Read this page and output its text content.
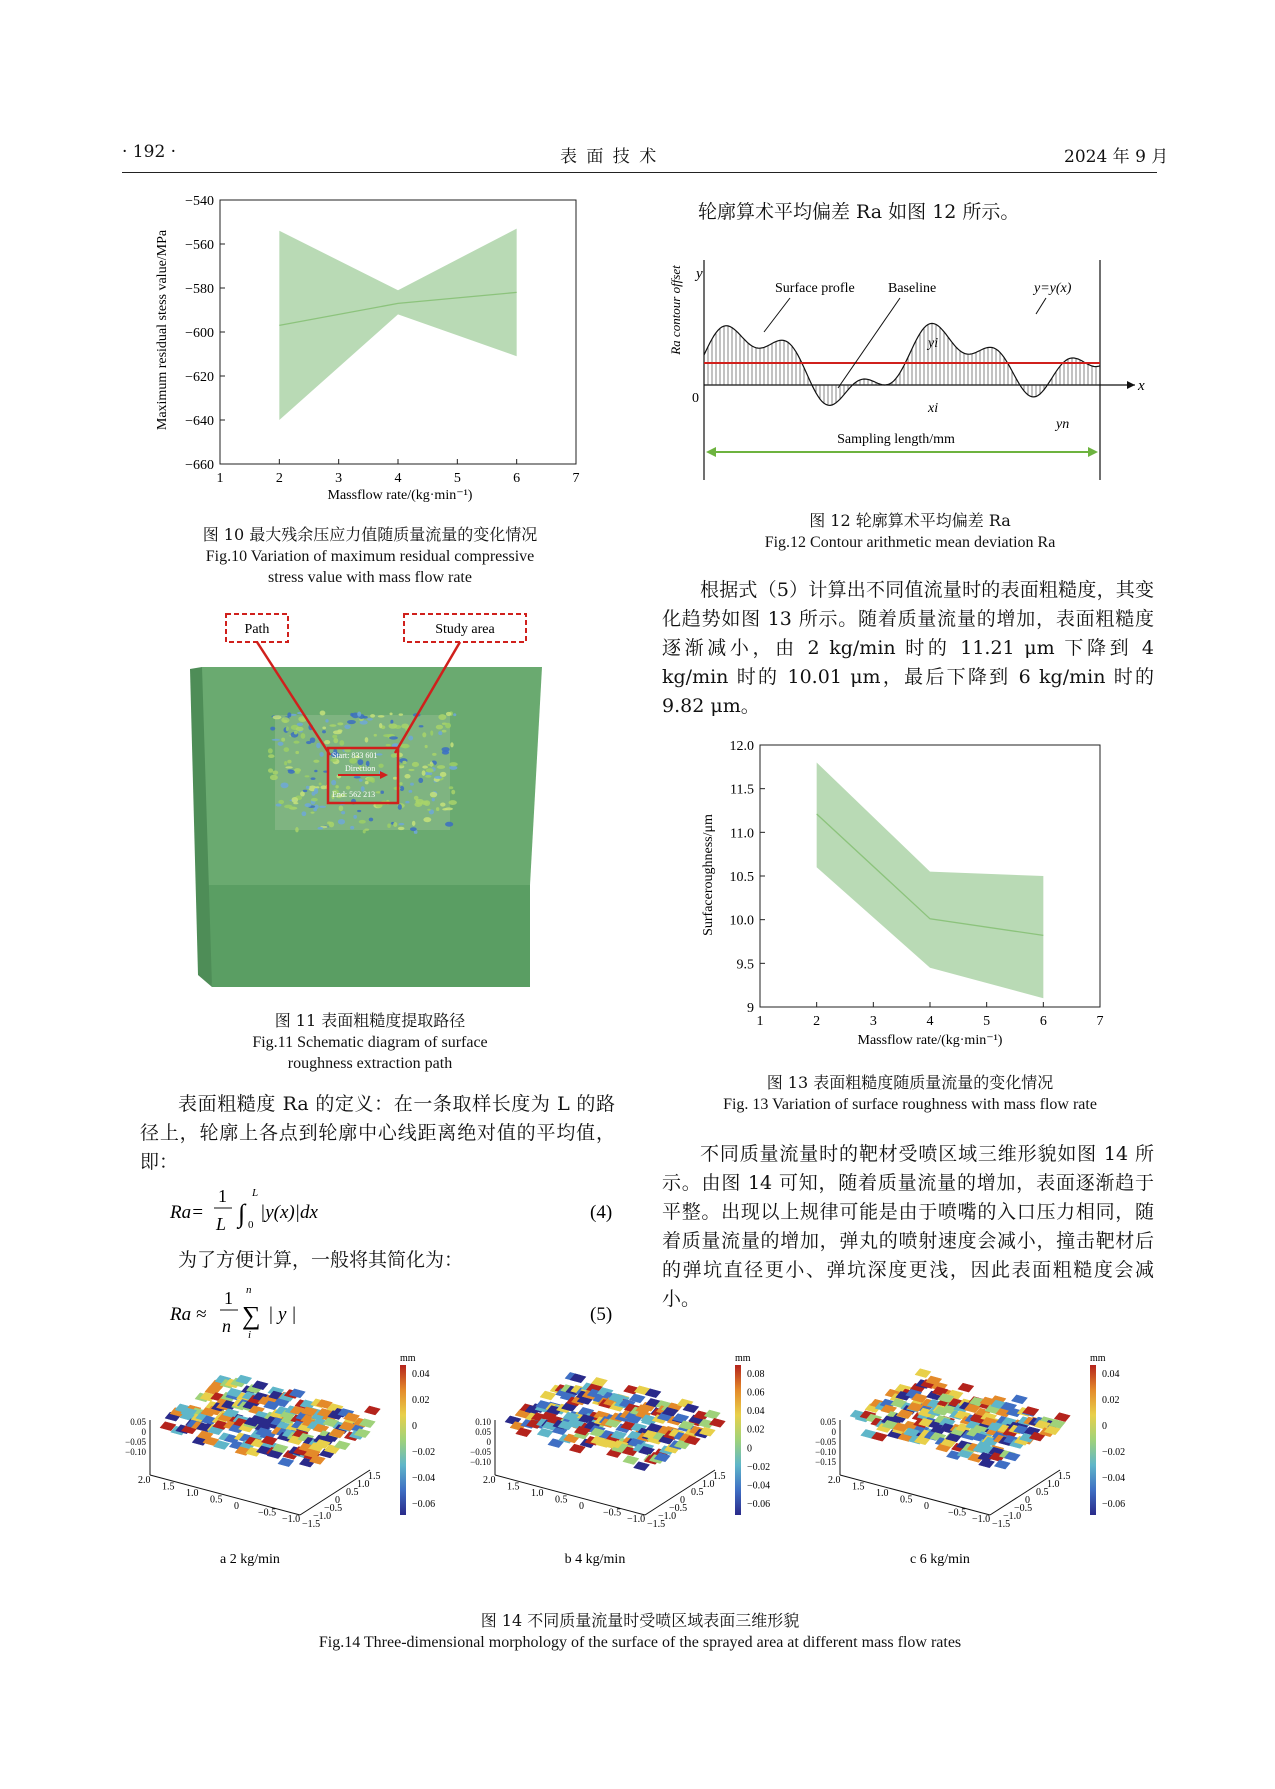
· 192 ·	表 面 技 术	2024 年 9 月
1	2	3	4	5	6	7
−540
−560
−580
−600
−620
−640
−660
Massflow rate/(kg·min⁻¹)
Maximum residual stess value/MPa
图 10 最大残余压应力值随质量流量的变化情况
Fig.10 Variation of maximum residual compressive
stress value with mass flow rate
Start: 833 601
Direction
End: 562 213
Path	Study area
图 11 表面粗糙度提取路径
Fig.11 Schematic diagram of surface
roughness extraction path
表面粗糙度 Ra 的定义：在一条取样长度为 L 的路径上，轮廓上各点到轮廓中心线距离绝对值的平均值，即：
Ra=
1
L ∫
L
0
|y(x)|dx	(4)
为了方便计算，一般将其简化为：
Ra ≈
1
n
n
∑
i
| y |	(5)
轮廓算术平均偏差 Ra 如图 12 所示。
Ra contour offset y
x
0
Surface profle Baseline	y=y(x)
yi
xi
yn
Sampling length/mm
图 12 轮廓算术平均偏差 Ra
Fig.12 Contour arithmetic mean deviation Ra
根据式（5）计算出不同值流量时的表面粗糙度，其变化趋势如图 13 所示。随着质量流量的增加，表面粗糙度逐渐减小，由 2 kg/min 时的 11.21 μm 下降到 4 kg/min 时的 10.01 μm，最后下降到 6 kg/min 时的 9.82 μm。
1	2	3	4	5	6	7
12.0
11.5
11.0
10.5
10.0
9.5
9
Massflow rate/(kg·min⁻¹)
Surfaceroughness/μm
图 13 表面粗糙度随质量流量的变化情况
Fig. 13 Variation of surface roughness with mass flow rate
不同质量流量时的靶材受喷区域三维形貌如图 14 所示。由图 14 可知，随着质量流量的增加，表面逐渐趋于平整。出现以上规律可能是由于喷嘴的入口压力相同，随着质量流量的增加，弹丸的喷射速度会减小，撞击靶材后的弹坑直径更小、弹坑深度更浅，因此表面粗糙度会减小。
0.05
0
−0.05
−0.10
2.0
1.5
1.0
0.5
0
−0.5
−1.0 −1.5
−1.0
−0.5
0
0.5
1.0
1.5
mm
0.04
0.02
0
−0.02
−0.04
−0.06
a 2 kg/min
0.10
0.05
0
−0.05
−0.10
2.0
1.5
1.0
0.5
0
−0.5
−1.0 −1.5
−1.0
−0.5
0
0.5
1.0
1.5
mm
0.08
0.06
0.04
0.02
0
−0.02
−0.04
−0.06
b 4 kg/min
0.05
0
−0.05
−0.10
−0.15
2.0
1.5
1.0
0.5
0
−0.5
−1.0 −1.5
−1.0
−0.5
0
0.5
1.0
1.5
mm
0.04
0.02
0
−0.02
−0.04
−0.06
c 6 kg/min
图 14 不同质量流量时受喷区域表面三维形貌
Fig.14 Three-dimensional morphology of the surface of the sprayed area at different mass flow rates
